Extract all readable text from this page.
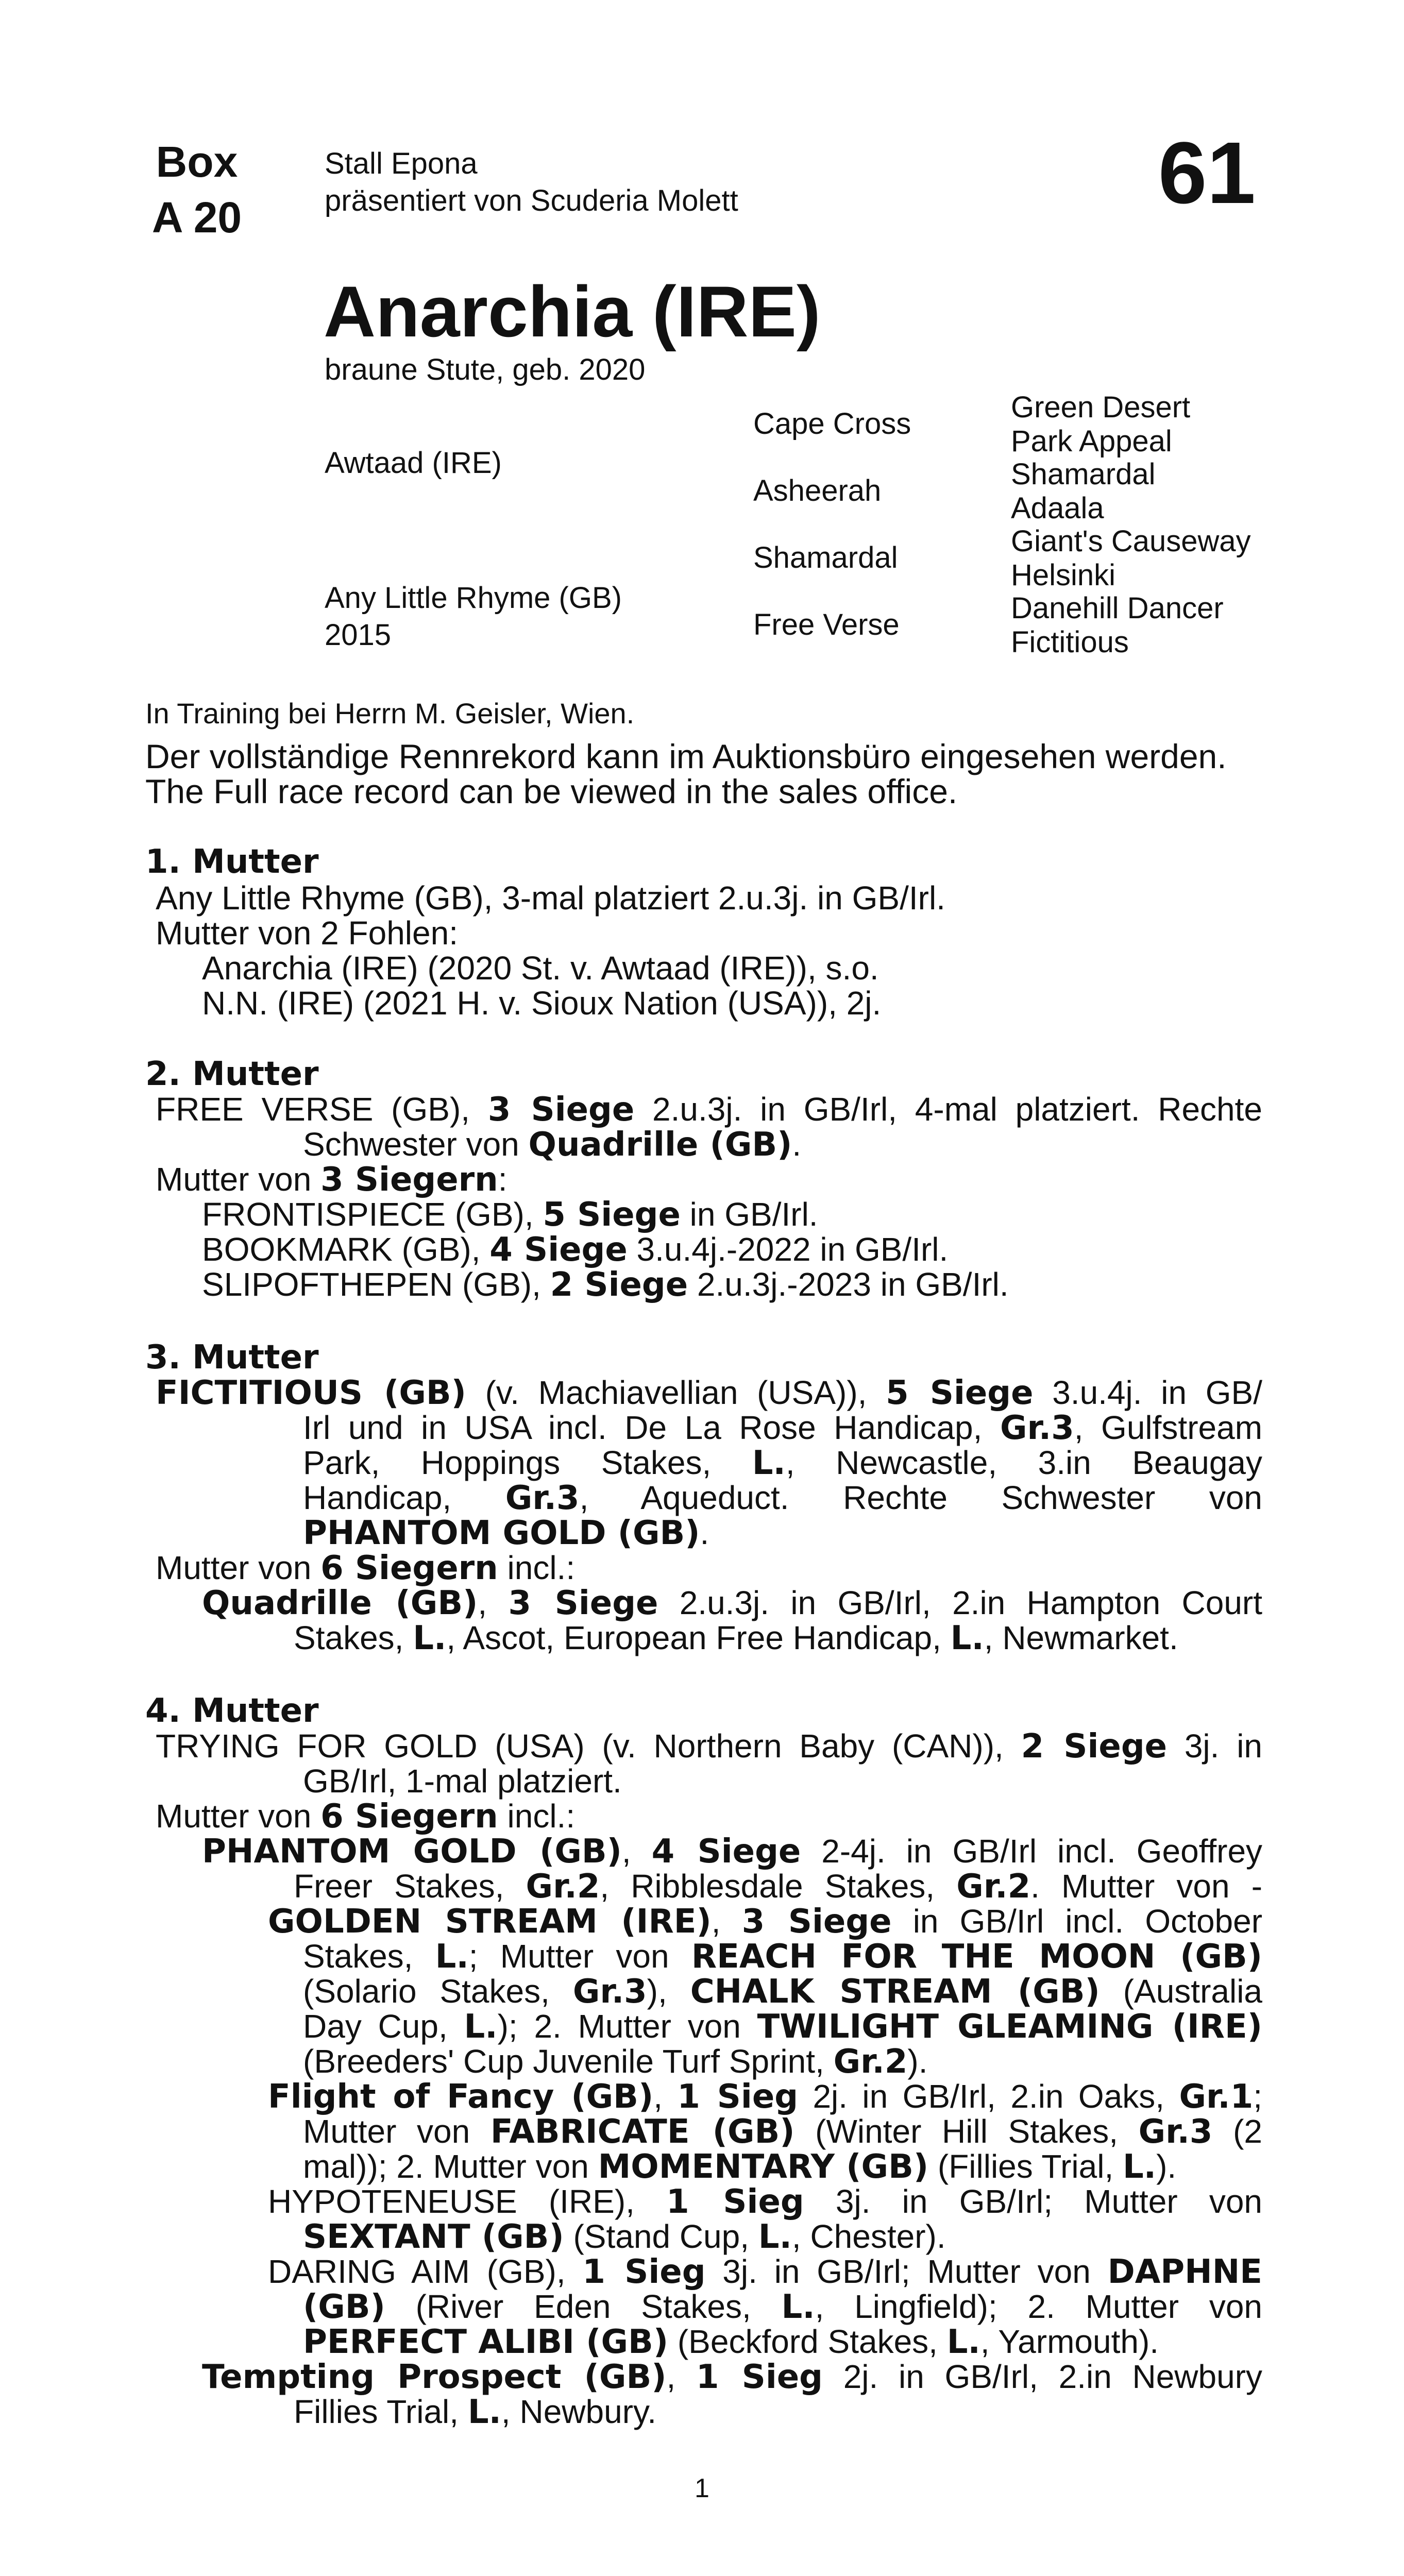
Box
A 20
Stall Epona
präsentiert von Scuderia Molett	61
Anarchia (IRE)
braune Stute, geb. 2020
Awtaad (IRE)
Any Little Rhyme (GB)
2015
Cape Cross
Asheerah
Shamardal
Free Verse
Green Desert
Park Appeal
Shamardal
Adaala
Giant's Causeway
Helsinki
Danehill Dancer
Fictitious
In Training bei Herrn M. Geisler, Wien.
Der vollständige Rennrekord kann im Auktionsbüro eingesehen werden.
The Full race record can be viewed in the sales office.
1. Mutter
Any Little Rhyme (GB), 3-mal platziert 2.u.3j. in GB/Irl.
Mutter von 2 Fohlen:
Anarchia (IRE) (2020 St. v. Awtaad (IRE)), s.o.
N.N. (IRE) (2021 H. v. Sioux Nation (USA)), 2j.
2. Mutter
FREE VERSE (GB), 3 Siege 2.u.3j. in GB/Irl, 4-mal platziert. Rechte
Schwester von Quadrille (GB).
Mutter von 3 Siegern:
FRONTISPIECE (GB), 5 Siege in GB/Irl.
BOOKMARK (GB), 4 Siege 3.u.4j.-2022 in GB/Irl.
SLIPOFTHEPEN (GB), 2 Siege 2.u.3j.-2023 in GB/Irl.
3. Mutter
FICTITIOUS (GB) (v. Machiavellian (USA)), 5 Siege 3.u.4j. in GB/
Irl und in USA incl. De La Rose Handicap, Gr.3, Gulfstream
Park, Hoppings Stakes, L., Newcastle, 3.in Beaugay
Handicap, Gr.3, Aqueduct. Rechte Schwester von
PHANTOM GOLD (GB).
Mutter von 6 Siegern incl.:
Quadrille (GB), 3 Siege 2.u.3j. in GB/Irl, 2.in Hampton Court
Stakes, L., Ascot, European Free Handicap, L., Newmarket.
4. Mutter
TRYING FOR GOLD (USA) (v. Northern Baby (CAN)), 2 Siege 3j. in
GB/Irl, 1-mal platziert.
Mutter von 6 Siegern incl.:
PHANTOM GOLD (GB), 4 Siege 2-4j. in GB/Irl incl. Geoffrey
Freer Stakes, Gr.2, Ribblesdale Stakes, Gr.2. Mutter von -
GOLDEN STREAM (IRE), 3 Siege in GB/Irl incl. October
Stakes, L.; Mutter von REACH FOR THE MOON (GB)
(Solario Stakes, Gr.3), CHALK STREAM (GB) (Australia
Day Cup, L.); 2. Mutter von TWILIGHT GLEAMING (IRE)
(Breeders' Cup Juvenile Turf Sprint, Gr.2).
Flight of Fancy (GB), 1 Sieg 2j. in GB/Irl, 2.in Oaks, Gr.1;
Mutter von FABRICATE (GB) (Winter Hill Stakes, Gr.3 (2
mal)); 2. Mutter von MOMENTARY (GB) (Fillies Trial, L.).
HYPOTENEUSE (IRE), 1 Sieg 3j. in GB/Irl; Mutter von
SEXTANT (GB) (Stand Cup, L., Chester).
DARING AIM (GB), 1 Sieg 3j. in GB/Irl; Mutter von DAPHNE
(GB) (River Eden Stakes, L., Lingfield); 2. Mutter von
PERFECT ALIBI (GB) (Beckford Stakes, L., Yarmouth).
Tempting Prospect (GB), 1 Sieg 2j. in GB/Irl, 2.in Newbury
Fillies Trial, L., Newbury.
1
